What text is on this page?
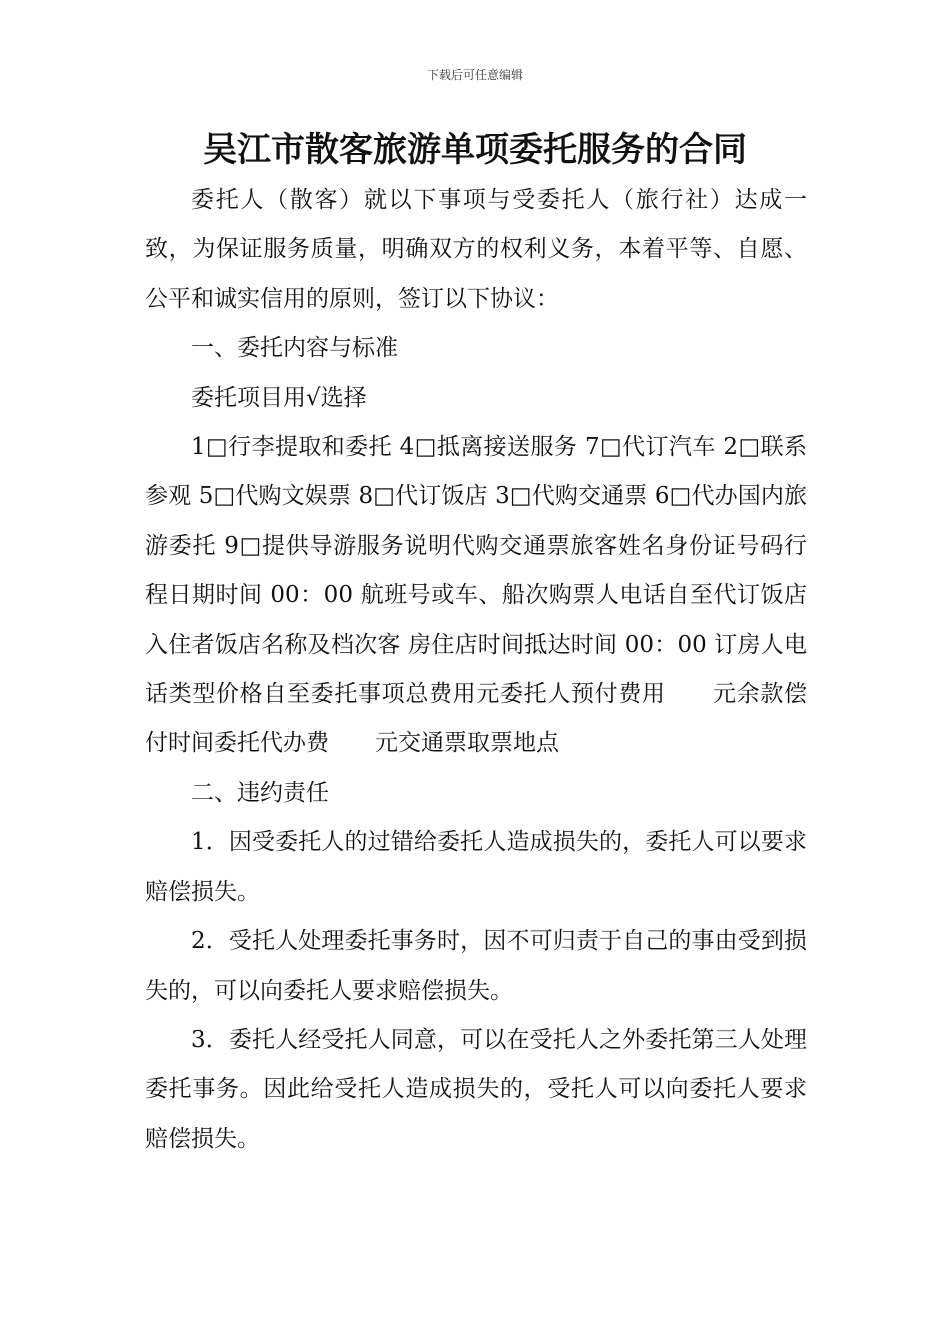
下载后可任意编辑
吴江市散客旅游单项委托服务的合同

委托人（散客）就以下事项与受委托人（旅行社）达成一致，为保证服务质量，明确双方的权利义务，本着平等、自愿、公平和诚实信用的原则，签订以下协议：

一、委托内容与标准

委托项目用√选择

1□行李提取和委托 4□抵离接送服务 7□代订汽车 2□联系参观 5□代购文娱票 8□代订饭店 3□代购交通票 6□代办国内旅游委托 9□提供导游服务说明代购交通票旅客姓名身份证号码行　　程日期时间 00：00 航班号或车、船次购票人电话自至代订饭店入住者饭店名称及档次客 房住店时间抵达时间 00：00 订房人电话类型价格自至委托事项总费用元委托人预付费用　　元余款偿付时间委托代办费　　元交通票取票地点

二、违约责任

1．因受委托人的过错给委托人造成损失的，委托人可以要求赔偿损失。

2．受托人处理委托事务时，因不可归责于自己的事由受到损失的，可以向委托人要求赔偿损失。

3．委托人经受托人同意，可以在受托人之外委托第三人处理委托事务。因此给受托人造成损失的，受托人可以向委托人要求赔偿损失。
